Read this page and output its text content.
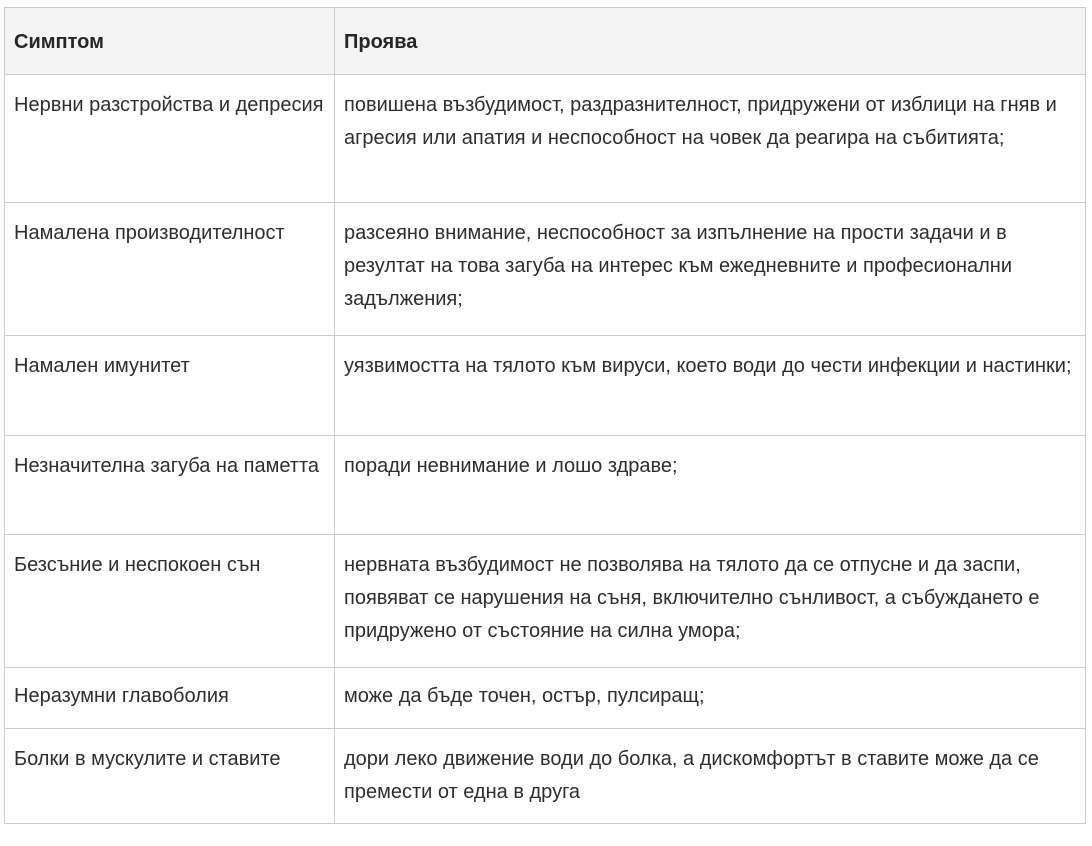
Симптом	Проява
Нервни разстройства и депресия	повишена възбудимост, раздразнителност, придружени от изблици на гняв и агресия или апатия и неспособност на човек да реагира на събитията;
Намалена производителност	разсеяно внимание, неспособност за изпълнение на прости задачи и в резултат на това загуба на интерес към ежедневните и професионални задължения;
Намален имунитет	уязвимостта на тялото към вируси, което води до чести инфекции и настинки;
Незначителна загуба на паметта	поради невнимание и лошо здраве;
Безсъние и неспокоен сън	нервната възбудимост не позволява на тялото да се отпусне и да заспи, появяват се нарушения на съня, включително сънливост, а събуждането е придружено от състояние на силна умора;
Неразумни главоболия	може да бъде точен, остър, пулсиращ;
Болки в мускулите и ставите	дори леко движение води до болка, а дискомфортът в ставите може да се премести от една в друга
